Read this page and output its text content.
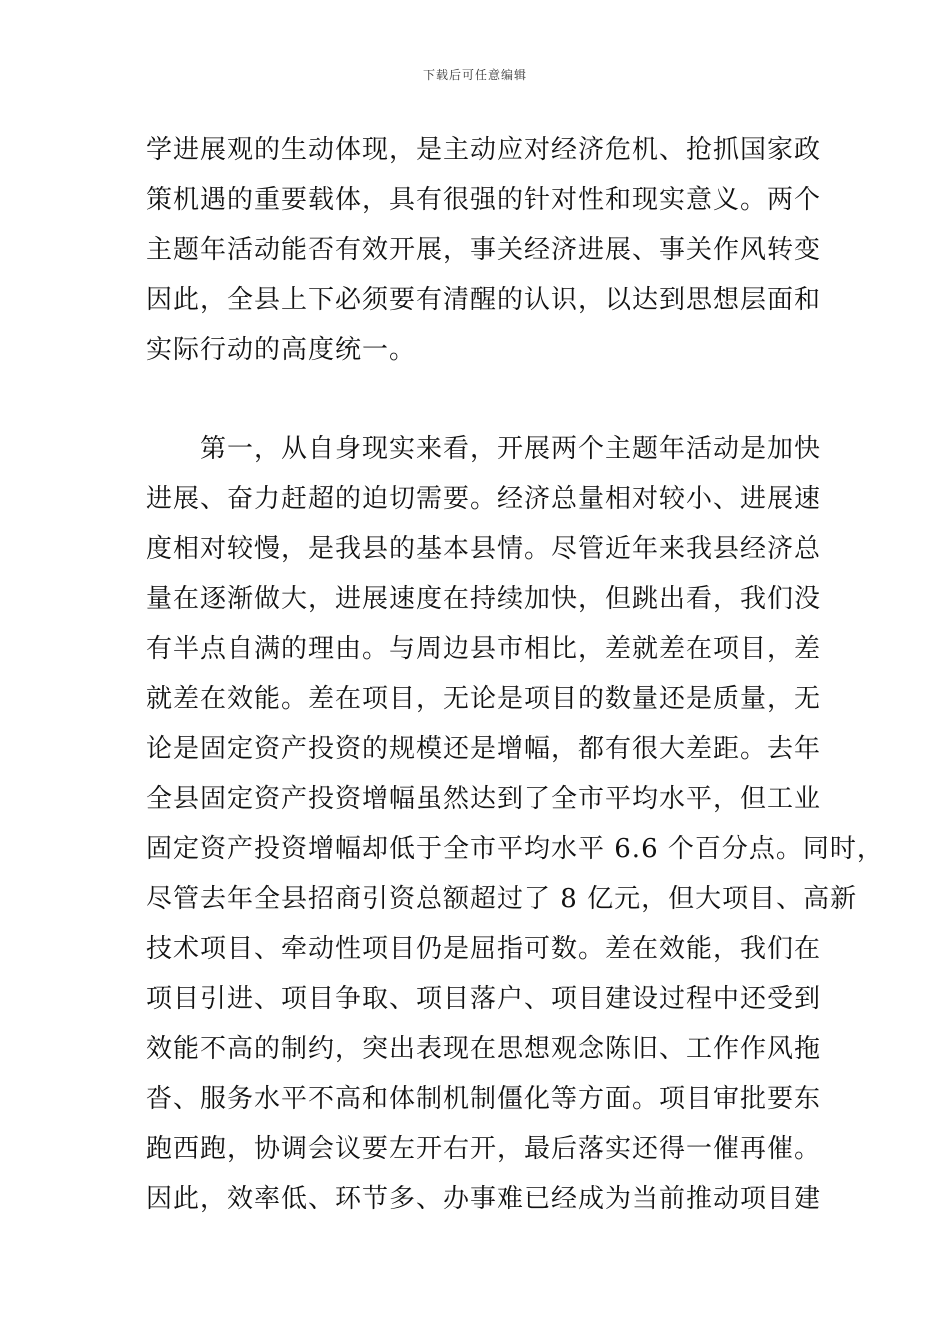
下载后可任意编辑
学进展观的生动体现，是主动应对经济危机、抢抓国家政
策机遇的重要载体，具有很强的针对性和现实意义。两个
主题年活动能否有效开展，事关经济进展、事关作风转变
因此，全县上下必须要有清醒的认识，以达到思想层面和
实际行动的高度统一。
　　第一，从自身现实来看，开展两个主题年活动是加快
进展、奋力赶超的迫切需要。经济总量相对较小、进展速
度相对较慢，是我县的基本县情。尽管近年来我县经济总
量在逐渐做大，进展速度在持续加快，但跳出看，我们没
有半点自满的理由。与周边县市相比，差就差在项目，差
就差在效能。差在项目，无论是项目的数量还是质量，无
论是固定资产投资的规模还是增幅，都有很大差距。去年
全县固定资产投资增幅虽然达到了全市平均水平，但工业
固定资产投资增幅却低于全市平均水平 6.6 个百分点。同时，
尽管去年全县招商引资总额超过了 8 亿元，但大项目、高新
技术项目、牵动性项目仍是屈指可数。差在效能，我们在
项目引进、项目争取、项目落户、项目建设过程中还受到
效能不高的制约，突出表现在思想观念陈旧、工作作风拖
沓、服务水平不高和体制机制僵化等方面。项目审批要东
跑西跑，协调会议要左开右开，最后落实还得一催再催。
因此，效率低、环节多、办事难已经成为当前推动项目建
